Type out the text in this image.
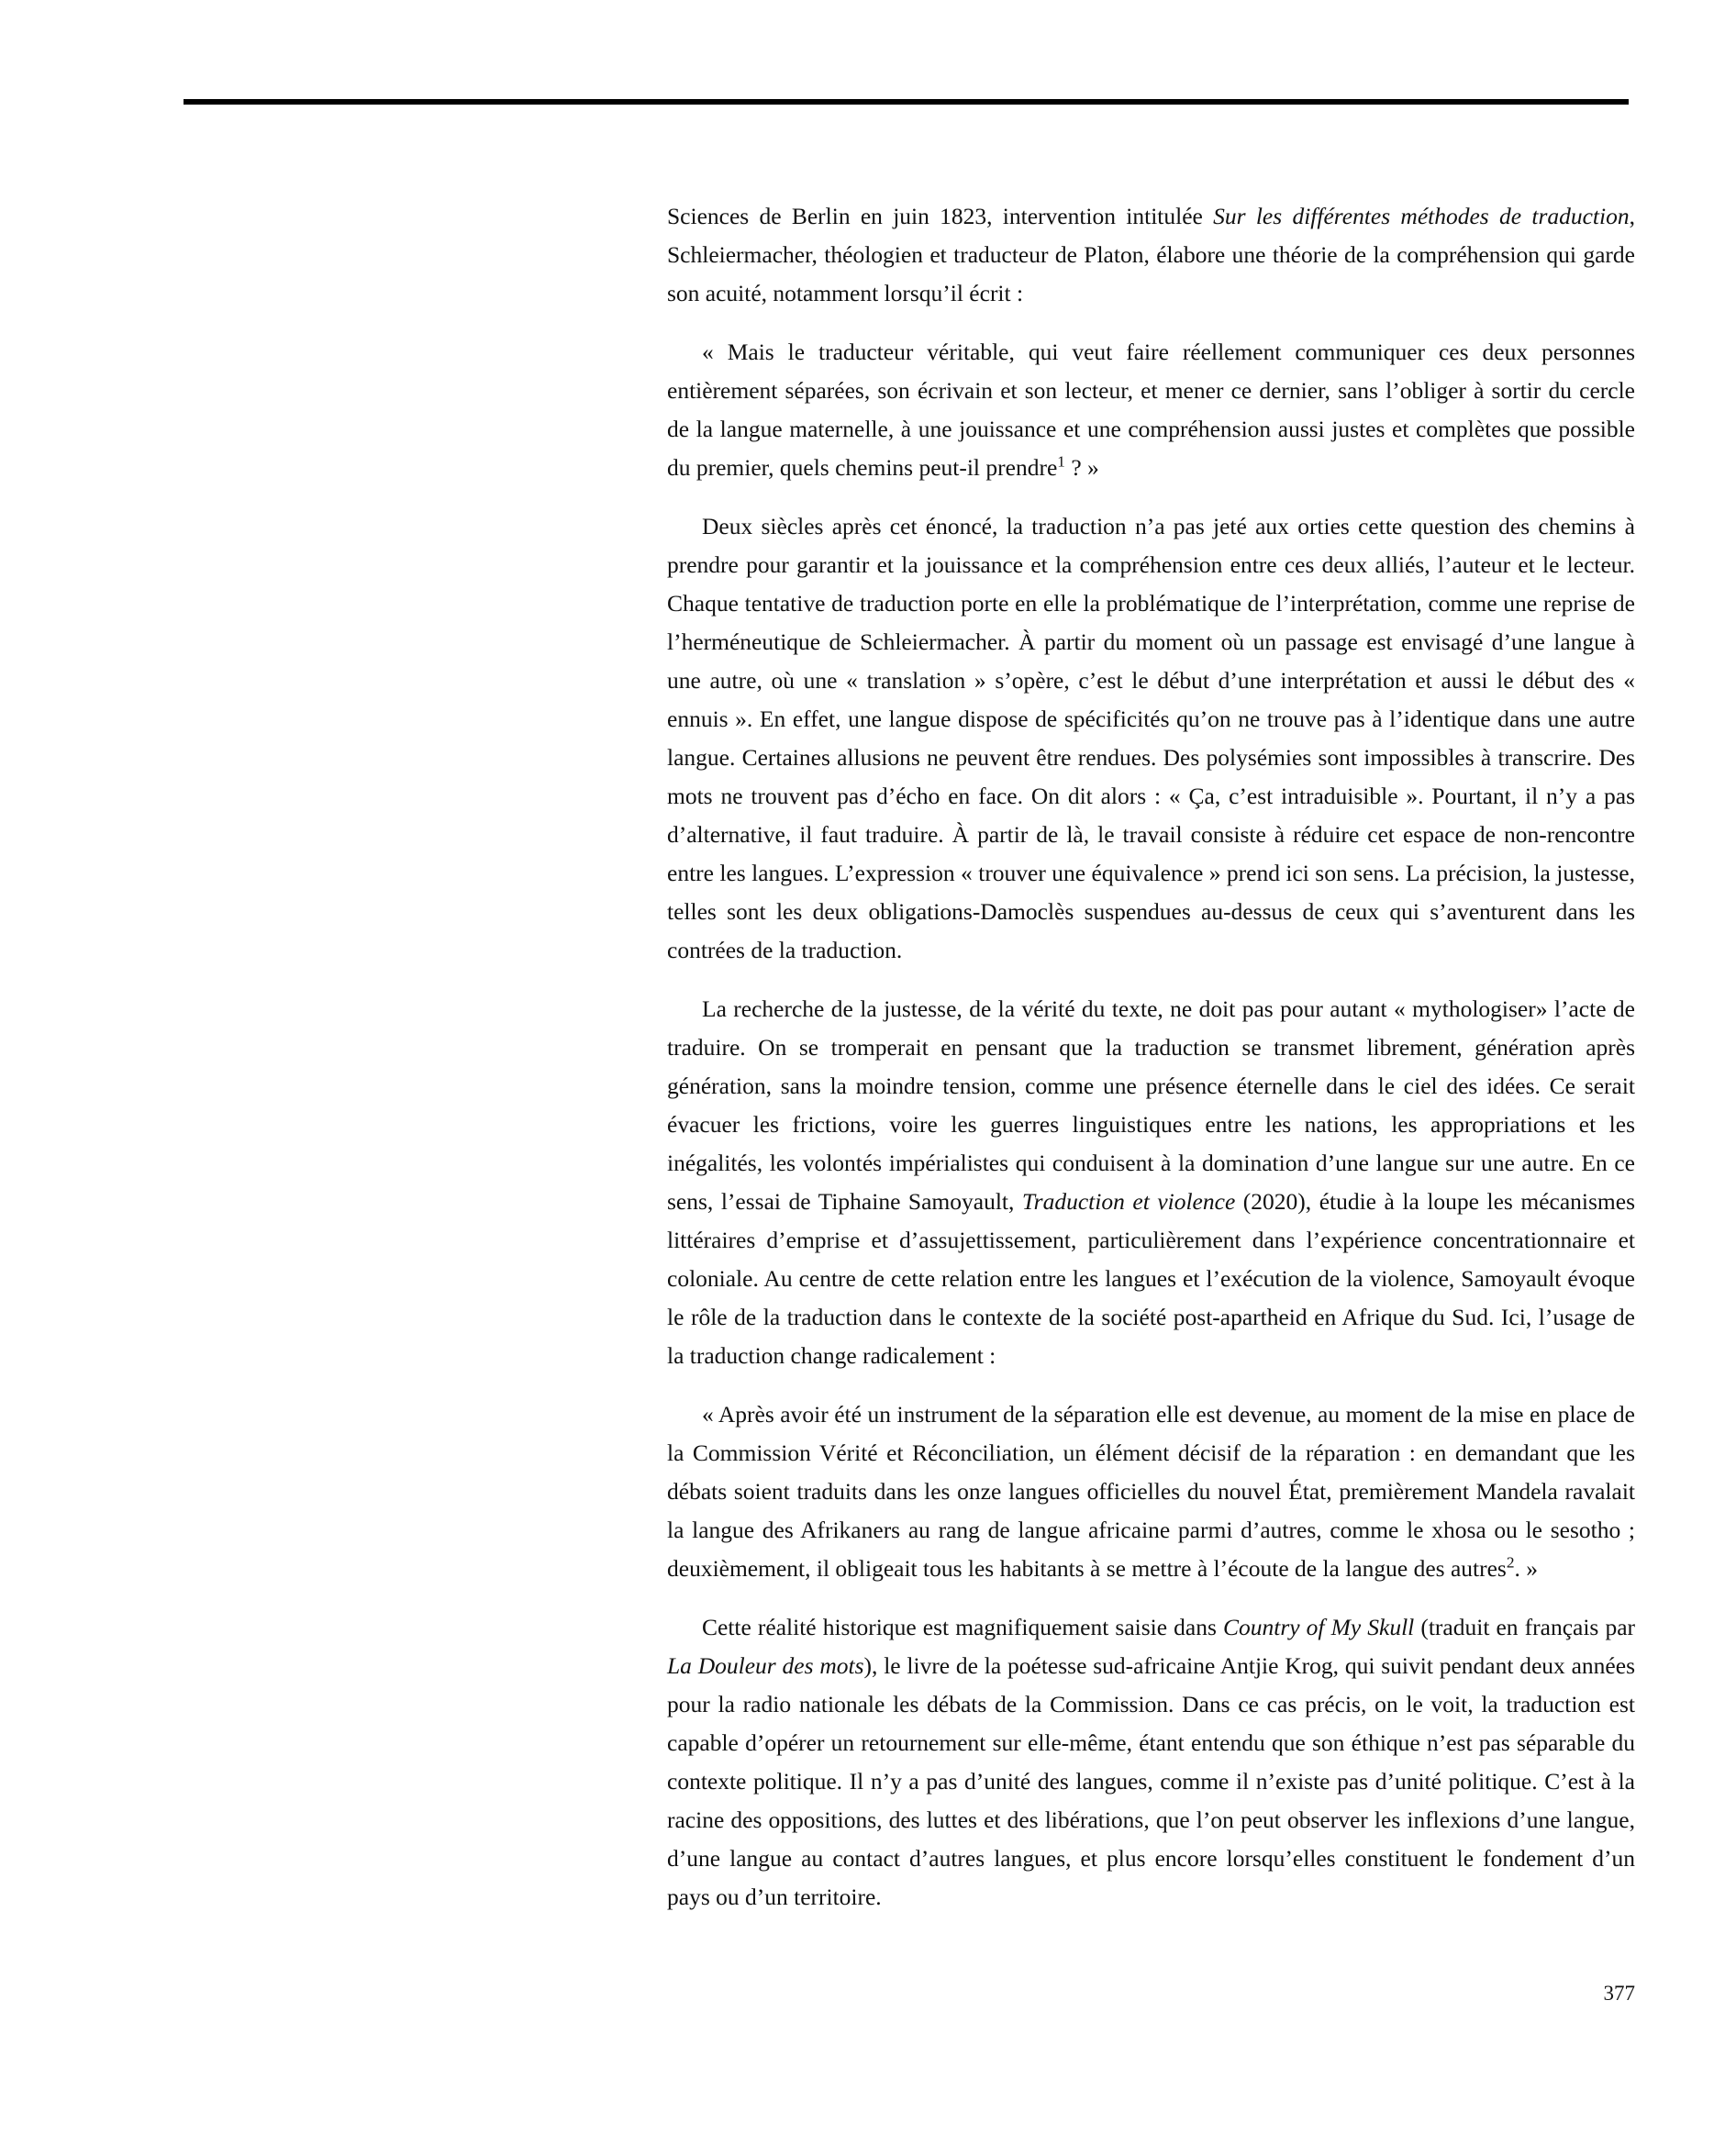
Sciences de Berlin en juin 1823, intervention intitulée Sur les différentes méthodes de traduction, Schleiermacher, théologien et traducteur de Platon, élabore une théorie de la compréhension qui garde son acuité, notamment lorsqu’il écrit :

« Mais le traducteur véritable, qui veut faire réellement communiquer ces deux personnes entièrement séparées, son écrivain et son lecteur, et mener ce dernier, sans l’obliger à sortir du cercle de la langue maternelle, à une jouissance et une compréhension aussi justes et complètes que possible du premier, quels chemins peut-il prendre$^1$ ? »

Deux siècles après cet énoncé, la traduction n’a pas jeté aux orties cette question des chemins à prendre pour garantir et la jouissance et la compréhension entre ces deux alliés, l’auteur et le lecteur. Chaque tentative de traduction porte en elle la problématique de l’interprétation, comme une reprise de l’herméneutique de Schleiermacher. À partir du moment où un passage est envisagé d’une langue à une autre, où une « translation » s’opère, c’est le début d’une interprétation et aussi le début des « ennuis ». En effet, une langue dispose de spécificités qu’on ne trouve pas à l’identique dans une autre langue. Certaines allusions ne peuvent être rendues. Des polysémies sont impossibles à transcrire. Des mots ne trouvent pas d’écho en face. On dit alors : « Ça, c’est intraduisible ». Pourtant, il n’y a pas d’alternative, il faut traduire. À partir de là, le travail consiste à réduire cet espace de non-rencontre entre les langues. L’expression « trouver une équivalence » prend ici son sens. La précision, la justesse, telles sont les deux obligations-Damoclès suspendues au-dessus de ceux qui s’aventurent dans les contrées de la traduction.

La recherche de la justesse, de la vérité du texte, ne doit pas pour autant « mythologiser» l’acte de traduire. On se tromperait en pensant que la traduction se transmet librement, génération après génération, sans la moindre tension, comme une présence éternelle dans le ciel des idées. Ce serait évacuer les frictions, voire les guerres linguistiques entre les nations, les appropriations et les inégalités, les volontés impérialistes qui conduisent à la domination d’une langue sur une autre. En ce sens, l’essai de Tiphaine Samoyault, Traduction et violence (2020), étudie à la loupe les mécanismes littéraires d’emprise et d’assujettissement, particulièrement dans l’expérience concentrationnaire et coloniale. Au centre de cette relation entre les langues et l’exécution de la violence, Samoyault évoque le rôle de la traduction dans le contexte de la société post-apartheid en Afrique du Sud. Ici, l’usage de la traduction change radicalement :

« Après avoir été un instrument de la séparation elle est devenue, au moment de la mise en place de la Commission Vérité et Réconciliation, un élément décisif de la réparation : en demandant que les débats soient traduits dans les onze langues officielles du nouvel État, premièrement Mandela ravalait la langue des Afrikaners au rang de langue africaine parmi d’autres, comme le xhosa ou le sesotho ; deuxièmement, il obligeait tous les habitants à se mettre à l’écoute de la langue des autres$^2$. »

Cette réalité historique est magnifiquement saisie dans Country of My Skull (traduit en français par La Douleur des mots), le livre de la poétesse sud-africaine Antjie Krog, qui suivit pendant deux années pour la radio nationale les débats de la Commission. Dans ce cas précis, on le voit, la traduction est capable d’opérer un retournement sur elle-même, étant entendu que son éthique n’est pas séparable du contexte politique. Il n’y a pas d’unité des langues, comme il n’existe pas d’unité politique. C’est à la racine des oppositions, des luttes et des libérations, que l’on peut observer les inflexions d’une langue, d’une langue au contact d’autres langues, et plus encore lorsqu’elles constituent le fondement d’un pays ou d’un territoire.

377
